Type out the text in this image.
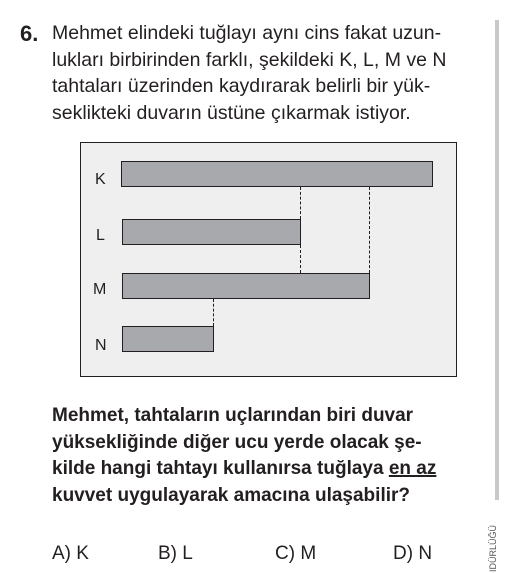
6. Mehmet elindeki tuğlayı aynı cins fakat uzun-
lukları birbirinden farklı, şekildeki K, L, M ve N
tahtaları üzerinden kaydırarak belirli bir yük-
seklikteki duvarın üstüne çıkarmak istiyor.
K
L
M
N
Mehmet, tahtaların uçlarından biri duvar
yüksekliğinde diğer ucu yerde olacak şe-
kilde hangi tahtayı kullanırsa tuğlaya en az
kuvvet uygulayarak amacına ulaşabilir?
A) K	B) L	C) M	D) N	IDÜRLÜĞÜ
